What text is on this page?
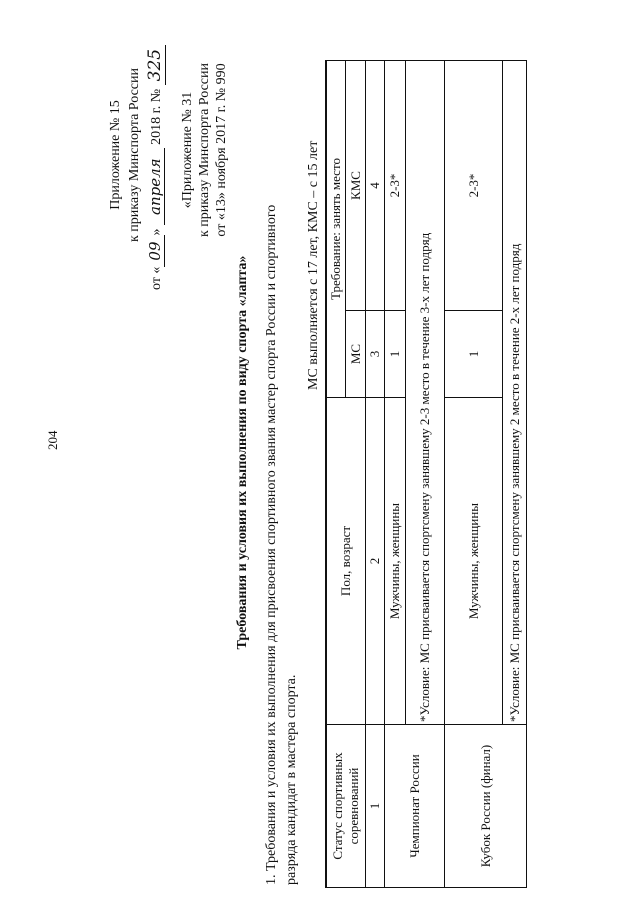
204
Приложение № 15 к приказу Минспорта России
от «09» апреля 2018 г. № 325
«Приложение № 31 к приказу Минспорта России от «13» ноября 2017 г. № 990
Требования и условия их выполнения по виду спорта «лапта» 1. Требования и условия их выполнения для присвоения спортивного звания мастер спорта России и спортивного разряда кандидат в мастера спорта.

МС выполняется с 17 лет, КМС – с 15 лет
Статус спортивных соревнований	Пол, возраст	Требование: занять место	
		МС	КМС
1	2	3	4
Чемпионат России	Мужчины, женщины	1	2-3*
	*Условие: МС присваивается спортсмену занявшему 2-3 место в течение 3-х лет подряд		
Кубок России (финал)	Мужчины, женщины	1	2-3*
	*Условие: МС присваивается спортсмену занявшему 2 место в течение 2-х лет подряд		
